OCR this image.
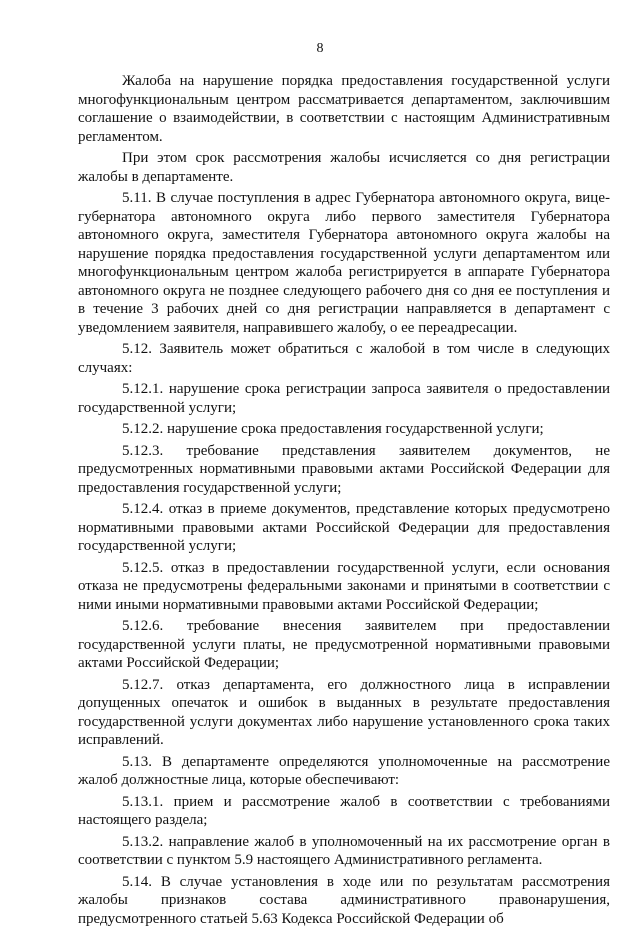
8

Жалоба на нарушение порядка предоставления государственной услуги многофункциональным центром рассматривается департаментом, заключившим соглашение о взаимодействии, в соответствии с настоящим Административным регламентом.

При этом срок рассмотрения жалобы исчисляется со дня регистрации жалобы в департаменте.

5.11. В случае поступления в адрес Губернатора автономного округа, вице-губернатора автономного округа либо первого заместителя Губернатора автономного округа, заместителя Губернатора автономного округа жалобы на нарушение порядка предоставления государственной услуги департаментом или многофункциональным центром жалоба регистрируется в аппарате Губернатора автономного округа не позднее следующего рабочего дня со дня ее поступления и в течение 3 рабочих дней со дня регистрации направляется в департамент с уведомлением заявителя, направившего жалобу, о ее переадресации.

5.12. Заявитель может обратиться с жалобой в том числе в следующих случаях:

5.12.1. нарушение срока регистрации запроса заявителя о предоставлении государственной услуги;

5.12.2. нарушение срока предоставления государственной услуги;

5.12.3. требование представления заявителем документов, не предусмотренных нормативными правовыми актами Российской Федерации для предоставления государственной услуги;

5.12.4. отказ в приеме документов, представление которых предусмотрено нормативными правовыми актами Российской Федерации для предоставления государственной услуги;

5.12.5. отказ в предоставлении государственной услуги, если основания отказа не предусмотрены федеральными законами и принятыми в соответствии с ними иными нормативными правовыми актами Российской Федерации;

5.12.6. требование внесения заявителем при предоставлении государственной услуги платы, не предусмотренной нормативными правовыми актами Российской Федерации;

5.12.7. отказ департамента, его должностного лица в исправлении допущенных опечаток и ошибок в выданных в результате предоставления государственной услуги документах либо нарушение установленного срока таких исправлений.

5.13. В департаменте определяются уполномоченные на рассмотрение жалоб должностные лица, которые обеспечивают:

5.13.1. прием и рассмотрение жалоб в соответствии с требованиями настоящего раздела;

5.13.2. направление жалоб в уполномоченный на их рассмотрение орган в соответствии с пунктом 5.9 настоящего Административного регламента.

5.14. В случае установления в ходе или по результатам рассмотрения жалобы признаков состава административного правонарушения, предусмотренного статьей 5.63 Кодекса Российской Федерации об
